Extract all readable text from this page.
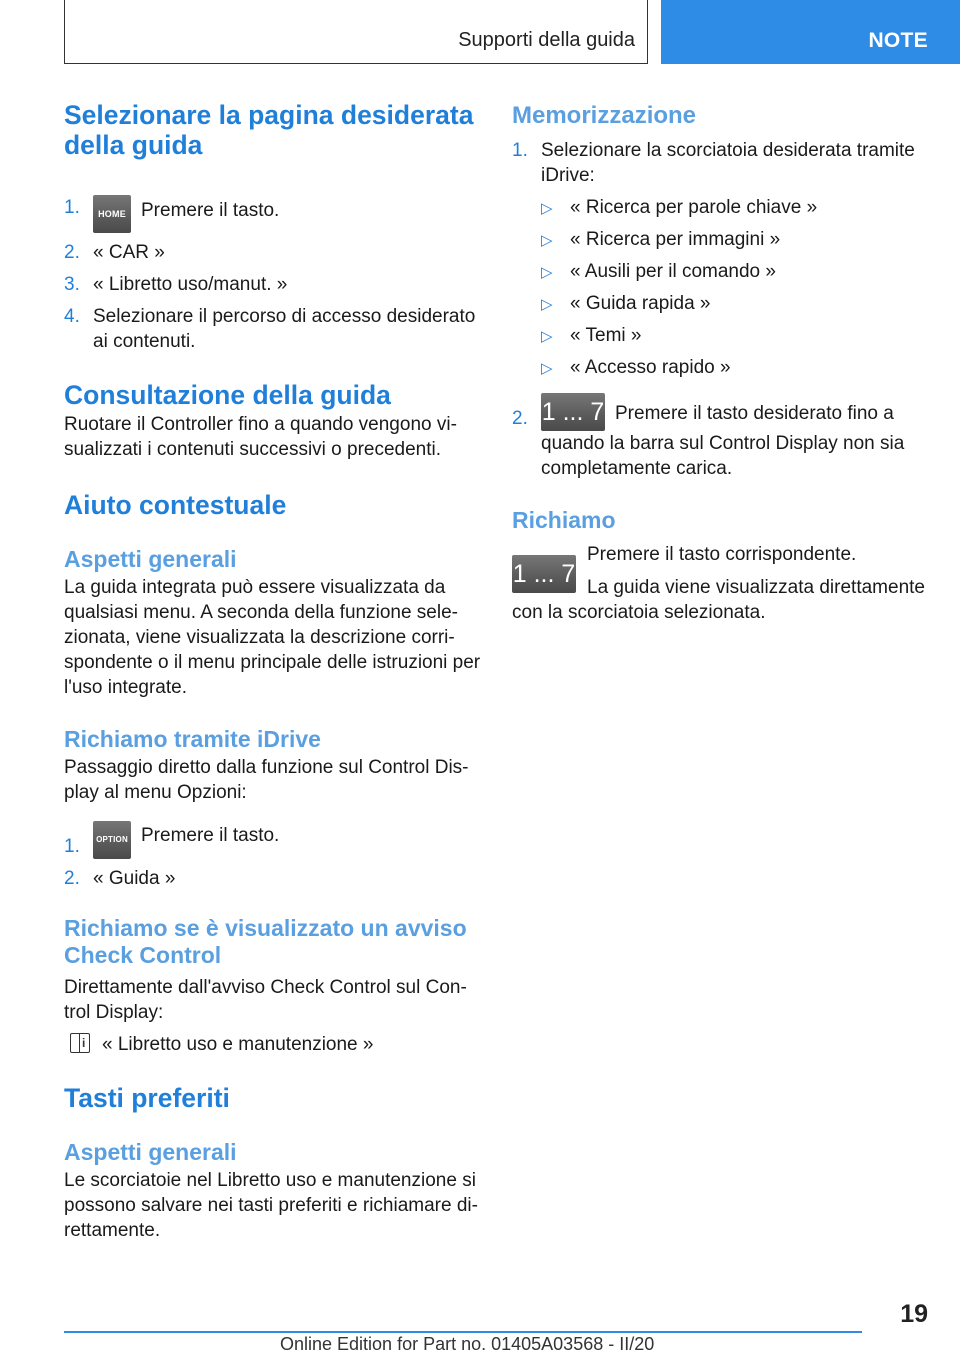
Supporti della guida	NOTE
Selezionare la pagina desiderata della guida
1. HOME Premere il tasto.
2. « CAR »
3. « Libretto uso/manut. »
4. Selezionare il percorso di accesso desiderato ai contenuti.
Consultazione della guida

Ruotare il Controller fino a quando vengono vi-sualizzati i contenuti successivi o precedenti.

Aiuto contestuale
Aspetti generali

La guida integrata può essere visualizzata da qualsiasi menu. A seconda della funzione sele-zionata, viene visualizzata la descrizione corri-spondente o il menu principale delle istruzioni per l'uso integrate.

Richiamo tramite iDrive

Passaggio diretto dalla funzione sul Control Dis-play al menu Opzioni:

1. OPTION Premere il tasto.
2. « Guida »
Richiamo se è visualizzato un avviso Check Control

Direttamente dall'avviso Check Control sul Con-trol Display:

i « Libretto uso e manutenzione »

Tasti preferiti
Aspetti generali

Le scorciatoie nel Libretto uso e manutenzione si possono salvare nei tasti preferiti e richiamare di-rettamente.

Memorizzazione
1. Selezionare la scorciatoia desiderata tramite iDrive:
▷ « Ricerca per parole chiave »
▷ « Ricerca per immagini »
▷ « Ausili per il comando »
▷ « Guida rapida »
▷ « Temi »
▷ « Accesso rapido »
2. 1 ... 7 Premere il tasto desiderato fino a quando la barra sul Control Display non sia completamente carica.
Richiamo
1 ... 7

Premere il tasto corrispondente.

La guida viene visualizzata direttamente con la scorciatoia selezionata.

19
Online Edition for Part no. 01405A03568 - II/20
